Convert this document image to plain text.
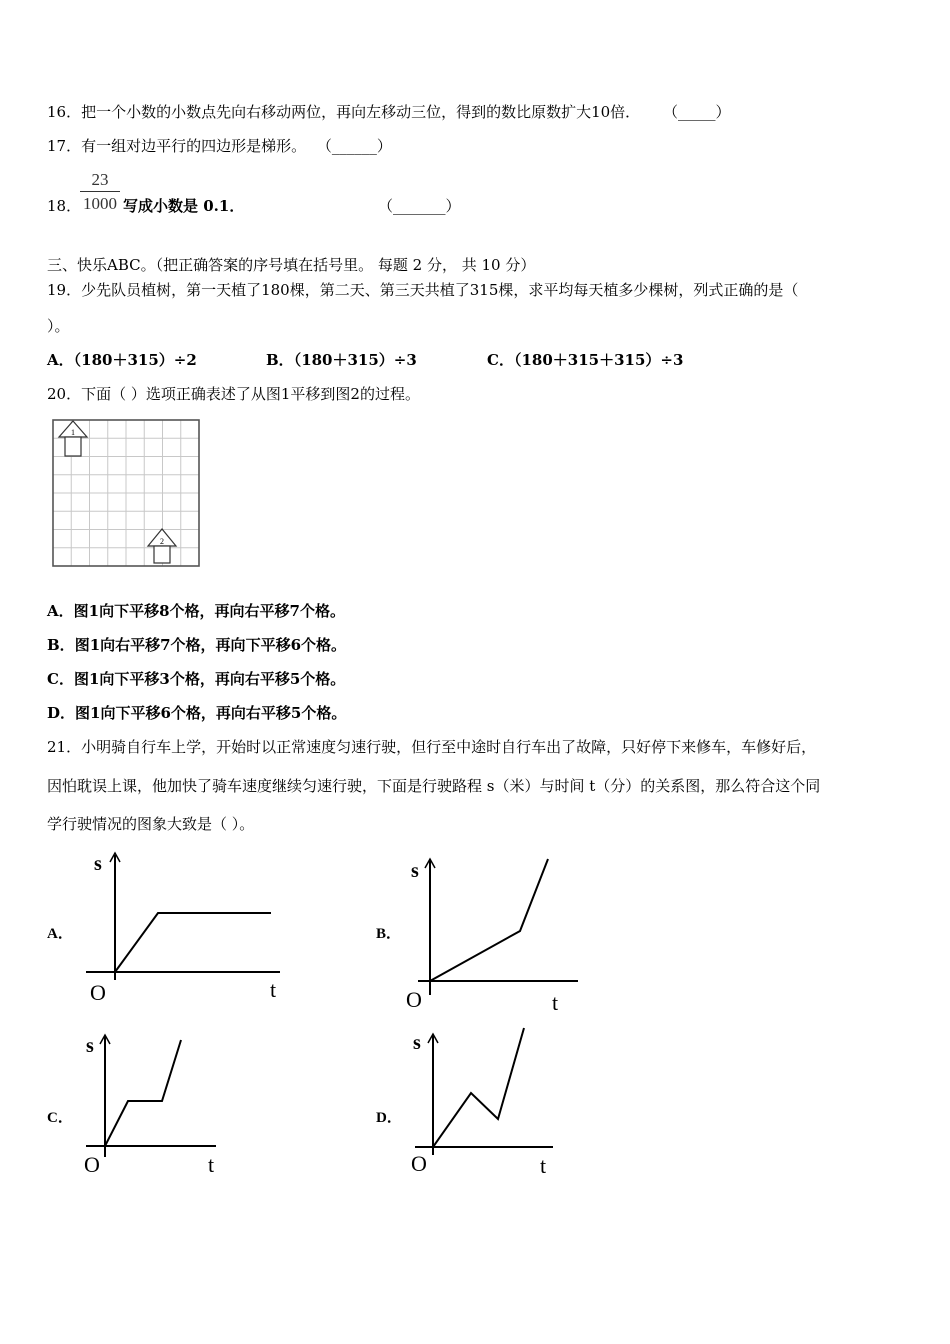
16．把一个小数的小数点先向右移动两位，再向左移动三位，得到的数比原数扩大10倍． （_____）
17．有一组对边平行的四边形是梯形。 （______）
18．
23
1000 写成小数是 0.1．	（_______）
三、快乐ABC。（把正确答案的序号填在括号里。 每题 2 分， 共 10 分）
19．少先队员植树，第一天植了180棵，第二天、第三天共植了315棵，求平均每天植多少棵树，列式正确的是（
）。
A．（180＋315）÷2	B．（180＋315）÷3	C．（180＋315＋315）÷3
20．下面（ ）选项正确表述了从图1平移到图2的过程。
1
2
A．图1向下平移8个格，再向右平移7个格。
B．图1向右平移7个格，再向下平移6个格。
C．图1向下平移3个格，再向右平移5个格。
D．图1向下平移6个格，再向右平移5个格。
21．小明骑自行车上学，开始时以正常速度匀速行驶，但行至中途时自行车出了故障，只好停下来修车，车修好后，
因怕耽误上课，他加快了骑车速度继续匀速行驶，下面是行驶路程 s（米）与时间 t（分）的关系图，那么符合这个同
学行驶情况的图象大致是（ ）。
A．
s
t
O
B．
s
t
O
C．
s
t
O
D．
s
t
O
